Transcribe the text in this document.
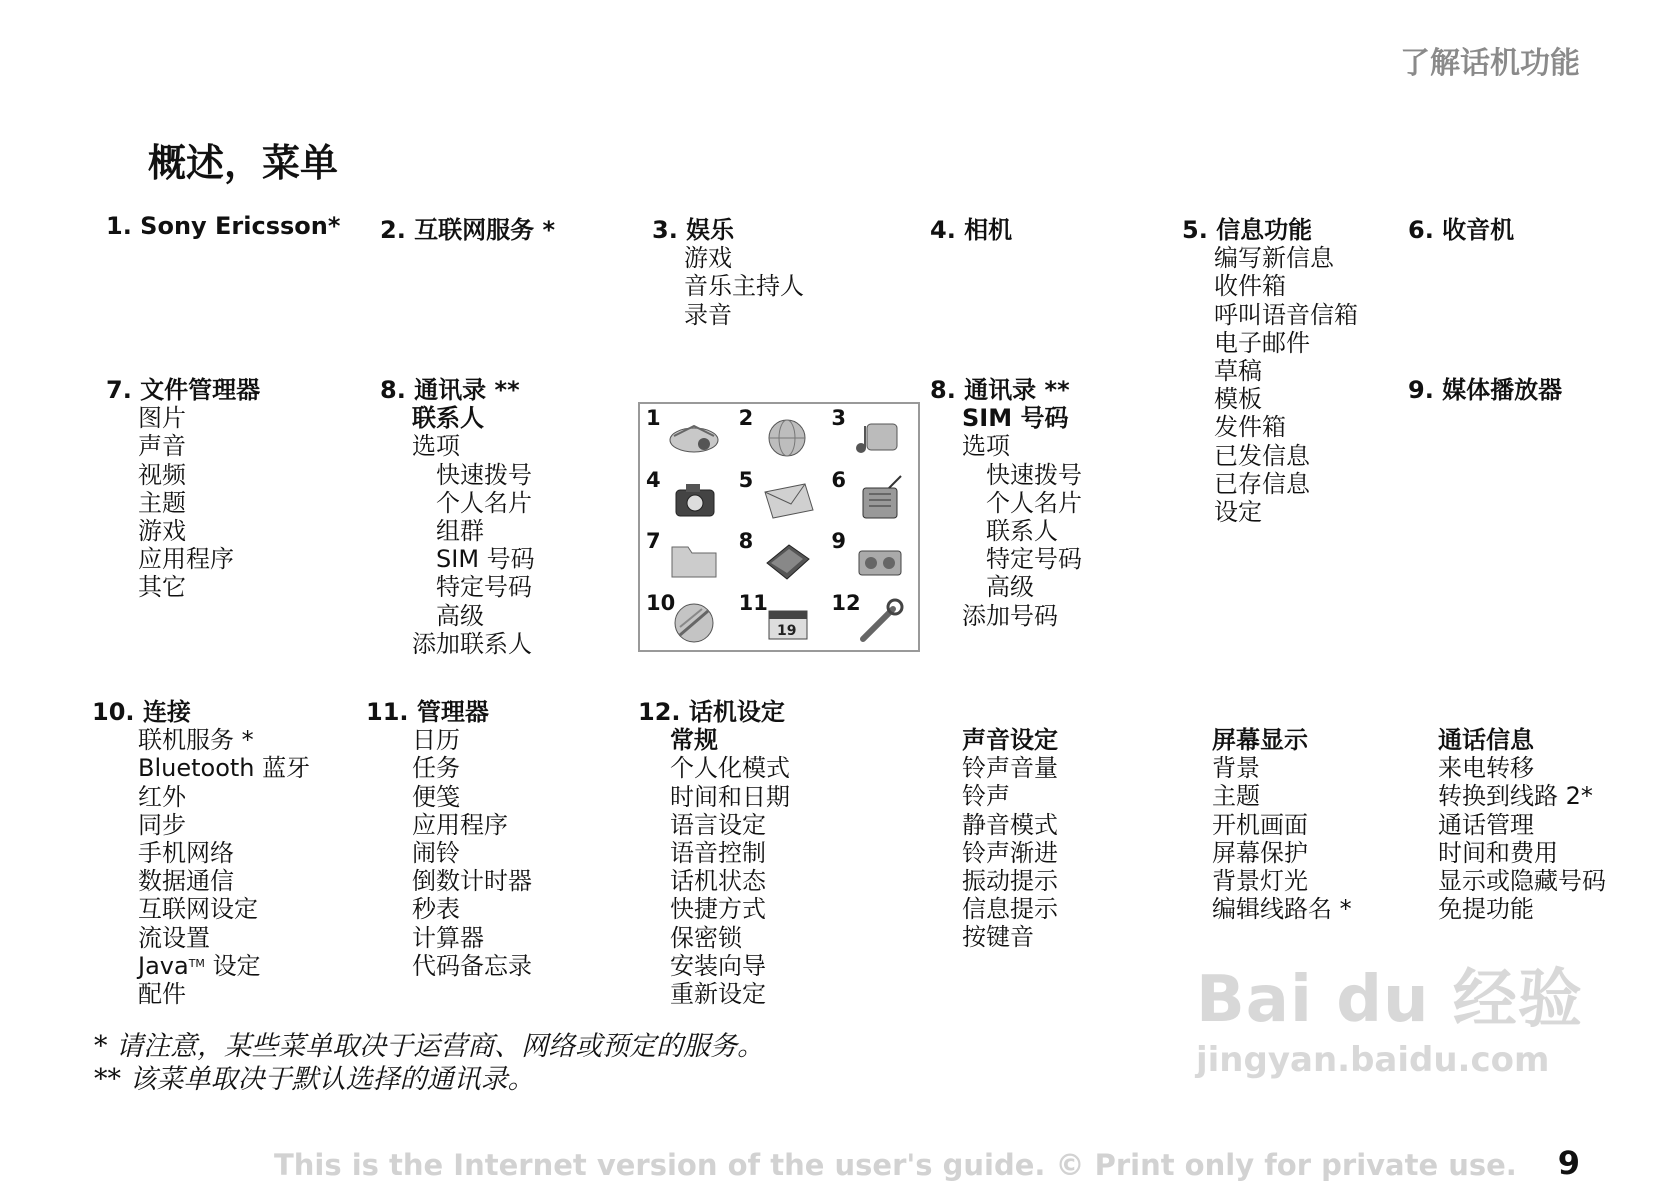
了解话机功能
概述，菜单
1. Sony Ericsson* 2. 互联网服务 *	3. 娱乐
游戏
音乐主持人
录音
4. 相机	5. 信息功能
编写新信息
收件箱
呼叫语音信箱
电子邮件
草稿
模板
发件箱
已发信息
已存信息
设定
6. 收音机
7. 文件管理器
图片
声音
视频
主题
游戏
应用程序
其它
8. 通讯录 **
联系人
选项
快速拨号
个人名片
组群
SIM 号码
特定号码
高级
添加联系人
1	2	3
4	5	6
7	8	9
10	11
19
12
8. 通讯录 **
SIM 号码
选项
快速拨号
个人名片
联系人
特定号码
高级
添加号码
9. 媒体播放器
10. 连接
联机服务 *
Bluetooth 蓝牙
红外
同步
手机网络
数据通信
互联网设定
流设置
Java™ 设定
配件
11. 管理器
日历
任务
便笺
应用程序
闹铃
倒数计时器
秒表
计算器
代码备忘录
12. 话机设定
常规
个人化模式
时间和日期
语言设定
语音控制
话机状态
快捷方式
保密锁
安装向导
重新设定
声音设定
铃声音量
铃声
静音模式
铃声渐进
振动提示
信息提示
按键音
屏幕显示
背景
主题
开机画面
屏幕保护
背景灯光
编辑线路名 *
通话信息
来电转移
转换到线路 2*
通话管理
时间和费用
显示或隐藏号码
免提功能
* 请注意，某些菜单取决于运营商、网络或预定的服务。
** 该菜单取决于默认选择的通讯录。
Bai du 经验
jingyan.baidu.com
This is the Internet version of the user's guide. © Print only for private use. 9
